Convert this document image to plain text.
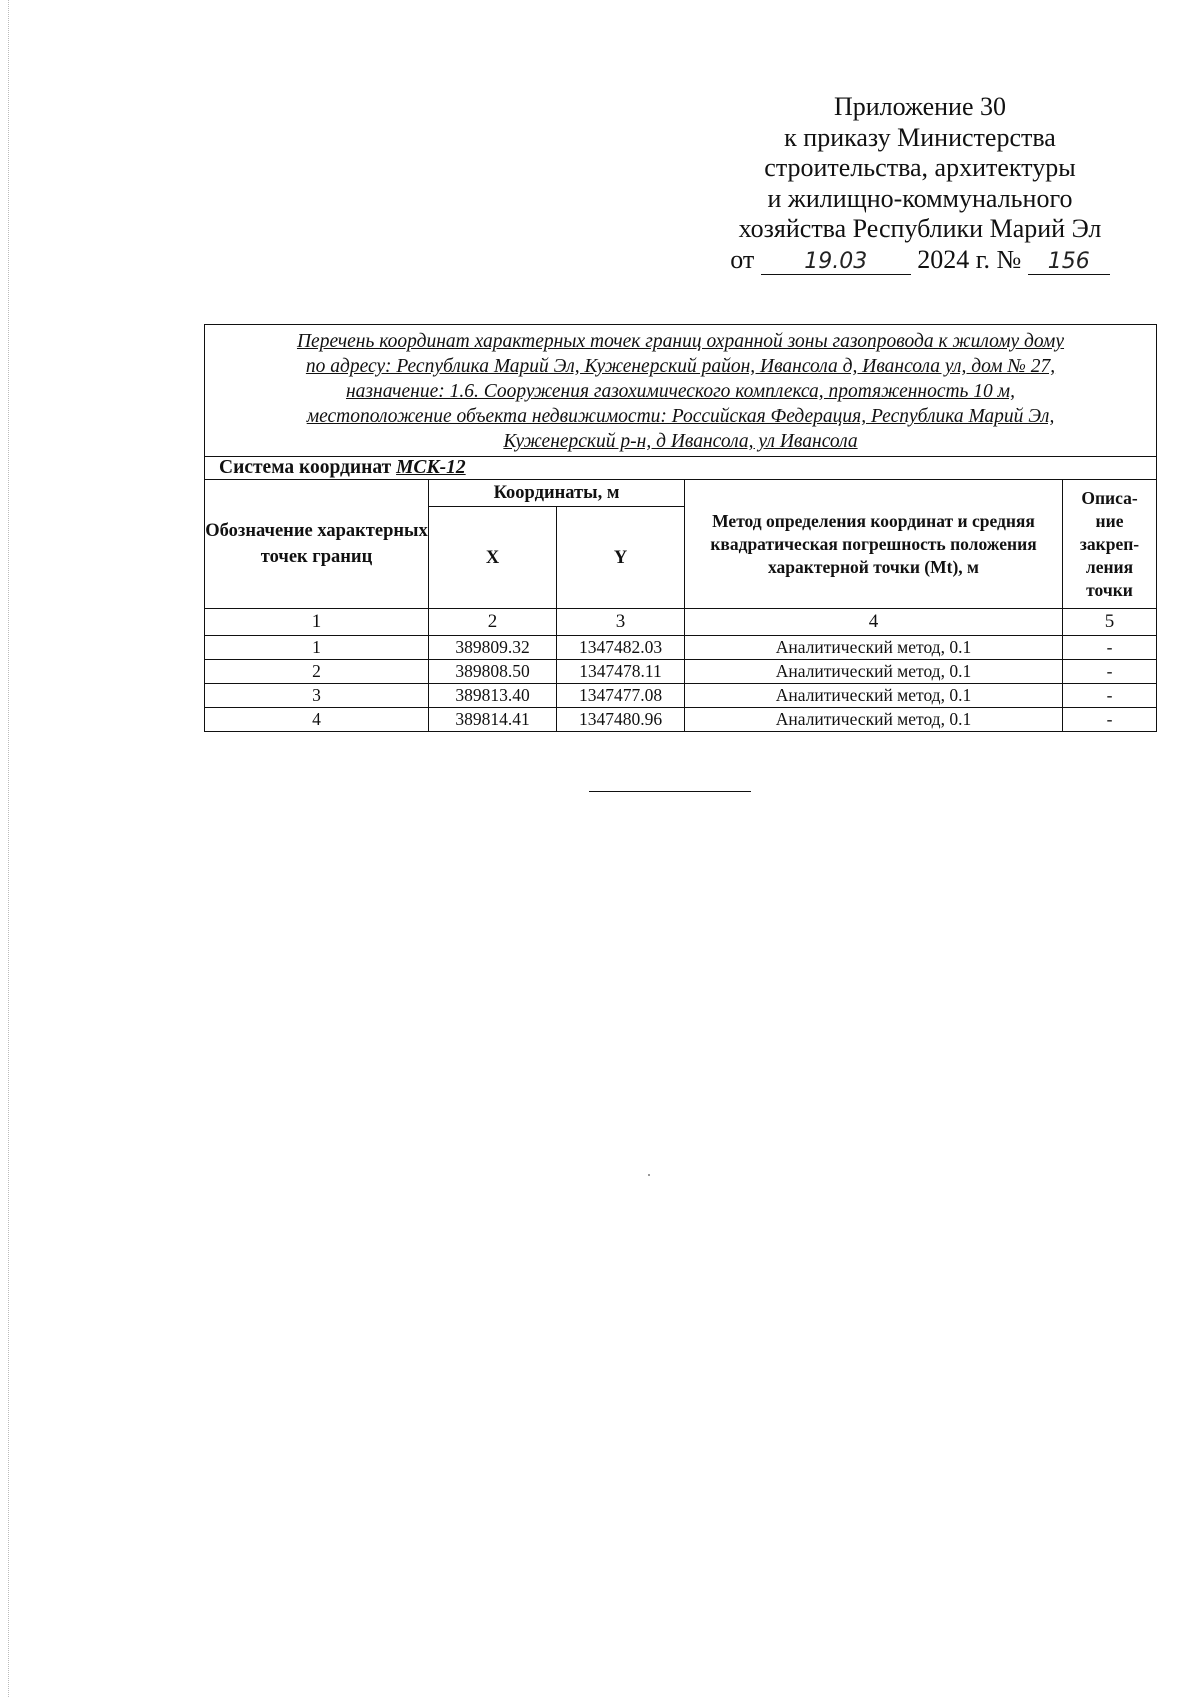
Приложение 30
к приказу Министерства
строительства, архитектуры
и жилищно-коммунального
хозяйства Республики Марий Эл
от 19.03 2024 г. № 156
Перечень координат характерных точек границ охранной зоны газопровода к жилому дому
по адресу: Республика Марий Эл, Куженерский район, Ивансола д, Ивансола ул, дом № 27,
назначение: 1.6. Сооружения газохимического комплекса, протяженность 10 м,
местоположение объекта недвижимости: Российская Федерация, Республика Марий Эл,
Куженерский р-н, д Ивансола, ул Ивансола				

Система координат МСК-12				
Обозначение характерных точек границ	Координаты, м		Метод определения координат и средняя квадратическая погрешность положения характерной точки (Mt), м	Описа-ние закреп-ления точки
	X	Y		
1	2	3	4	5
1	389809.32	1347482.03	Аналитический метод, 0.1	-
2	389808.50	1347478.11	Аналитический метод, 0.1	-
3	389813.40	1347477.08	Аналитический метод, 0.1	-
4	389814.41	1347480.96	Аналитический метод, 0.1	-
